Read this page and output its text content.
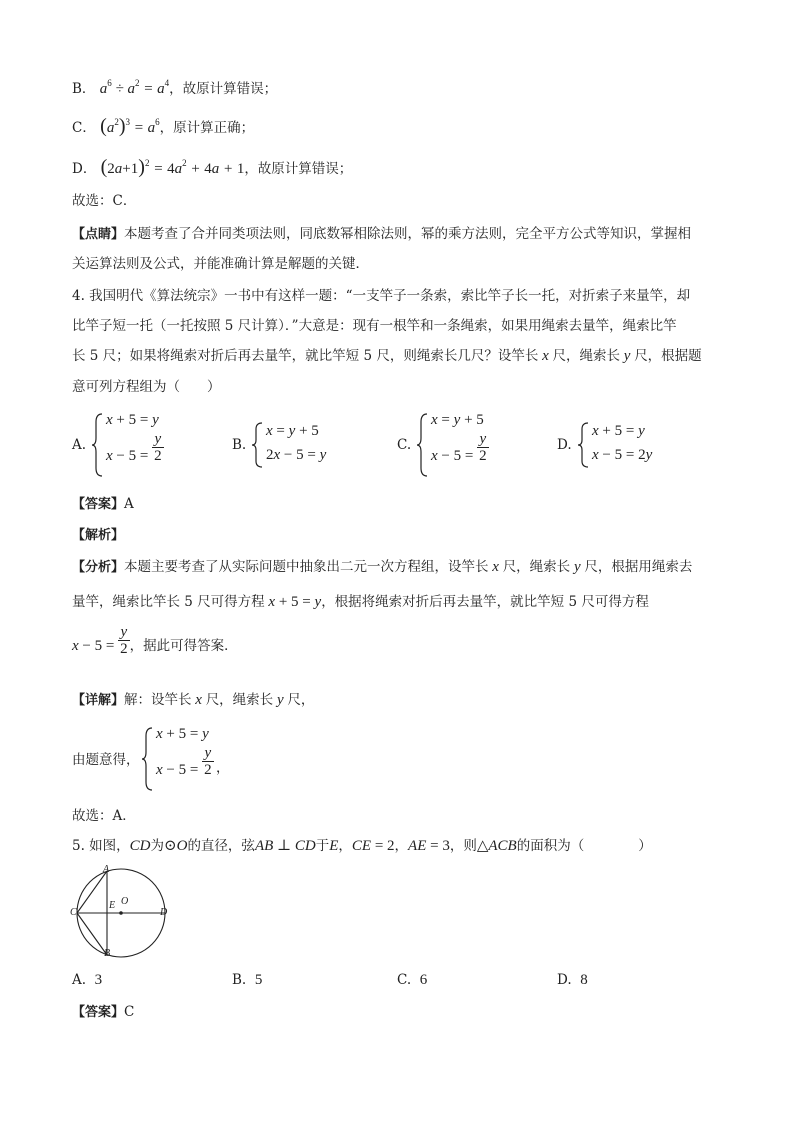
B． $a^6 \div a^2 = a^4$，故原计算错误；
C． $(a^2)^3 = a^6$，原计算正确；
D． $(2a+1)^2 = 4a^2 + 4a + 1$，故原计算错误；
故选：C．
【点睛】本题考查了合并同类项法则，同底数幂相除法则，幂的乘方法则，完全平方公式等知识，掌握相
关运算法则及公式，并能准确计算是解题的关键．
4. 我国明代《算法统宗》一书中有这样一题：“一支竿子一条索，索比竿子长一托，对折索子来量竿，却
比竿子短一托（一托按照 5 尺计算）．”大意是：现有一根竿和一条绳索，如果用绳索去量竿，绳索比竿
长 5 尺；如果将绳索对折后再去量竿，就比竿短 5 尺，则绳索长几尺？设竿长 x 尺，绳索长 y 尺，根据题
意可列方程组为（　　）
A.
x + 5 = y
$x - 5 = \frac{y}{2}$	B.
x = y + 5
2x − 5 = y
C.
x = y + 5
$x - 5 = \frac{y}{2}$	D.
x + 5 = y
x − 5 = 2y
【答案】A
【解析】
【分析】本题主要考查了从实际问题中抽象出二元一次方程组，设竿长 x 尺，绳索长 y 尺，根据用绳索去
量竿，绳索比竿长 5 尺可得方程 x + 5 = y，根据将绳索对折后再去量竿，就比竿短 5 尺可得方程
$x - 5 = \frac{y}{2}$ ，据此可得答案．
【详解】解：设竿长 x 尺，绳索长 y 尺，
由题意得，
x + 5 = y
$x - 5 = \frac{y}{2}$ ，
故选：A．
5. 如图，CD为⊙O的直径，弦AB ⊥ CD于E，CE = 2，AE = 3，则△ACB的面积为（　　　　）
A
B
C	D
E O
A. 3	B. 5	C. 6	D. 8
【答案】C
